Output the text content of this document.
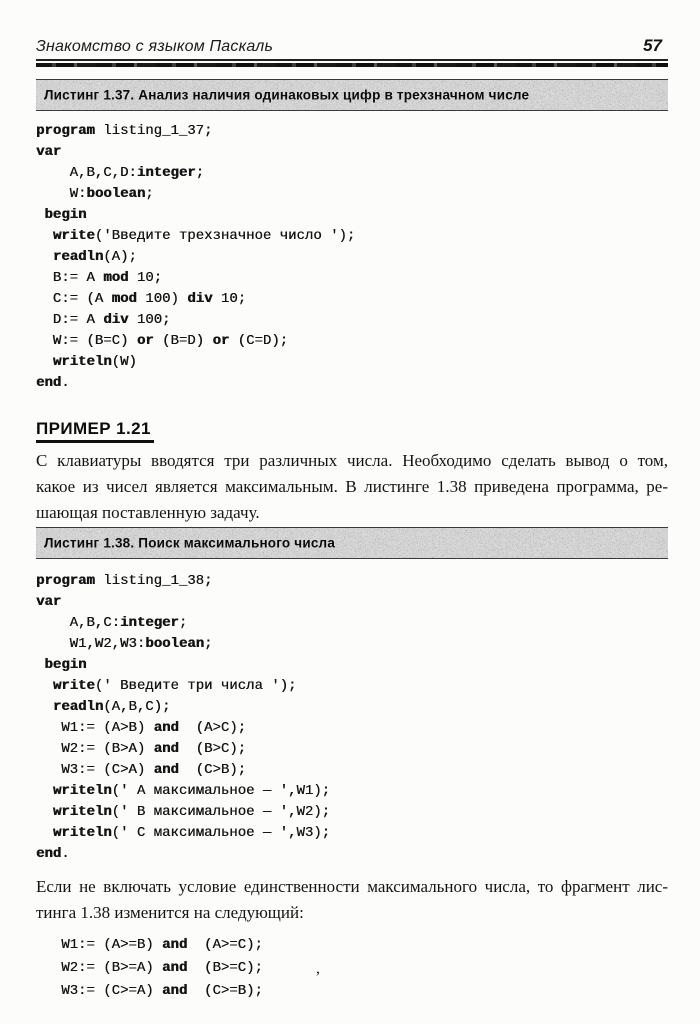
Знакомство с языком Паскаль	57
Листинг 1.37. Анализ наличия одинаковых цифр в трехзначном числе
program listing_1_37;
var
A,B,C,D:integer;
W:boolean;
begin
write('Введите трехзначное число ');
readln(A);
B:= A mod 10;
C:= (A mod 100) div 10;
D:= A div 100;
W:= (B=C) or (B=D) or (C=D);
writeln(W)
end.
ПРИМЕР 1.21
С клавиатуры вводятся три различных числа. Необходимо сделать вывод о том,
какое из чисел является максимальным. В листинге 1.38 приведена программа, ре-
шающая поставленную задачу.
Листинг 1.38. Поиск максимального числа
program listing_1_38;
var
A,B,C:integer;
W1,W2,W3:boolean;
begin
write(' Введите три числа ');
readln(A,B,C);
W1:= (A>B) and  (A>C);
W2:= (B>A) and  (B>C);
W3:= (C>A) and  (C>B);
writeln(' A максимальное — ',W1);
writeln(' B максимальное — ',W2);
writeln(' C максимальное — ',W3);
end.
Если не включать условие единственности максимального числа, то фрагмент лис-
тинга 1.38 изменится на следующий:
W1:= (A>=B) and  (A>=C);
W2:= (B>=A) and  (B>=C);
W3:= (C>=A) and  (C>=B);
,
